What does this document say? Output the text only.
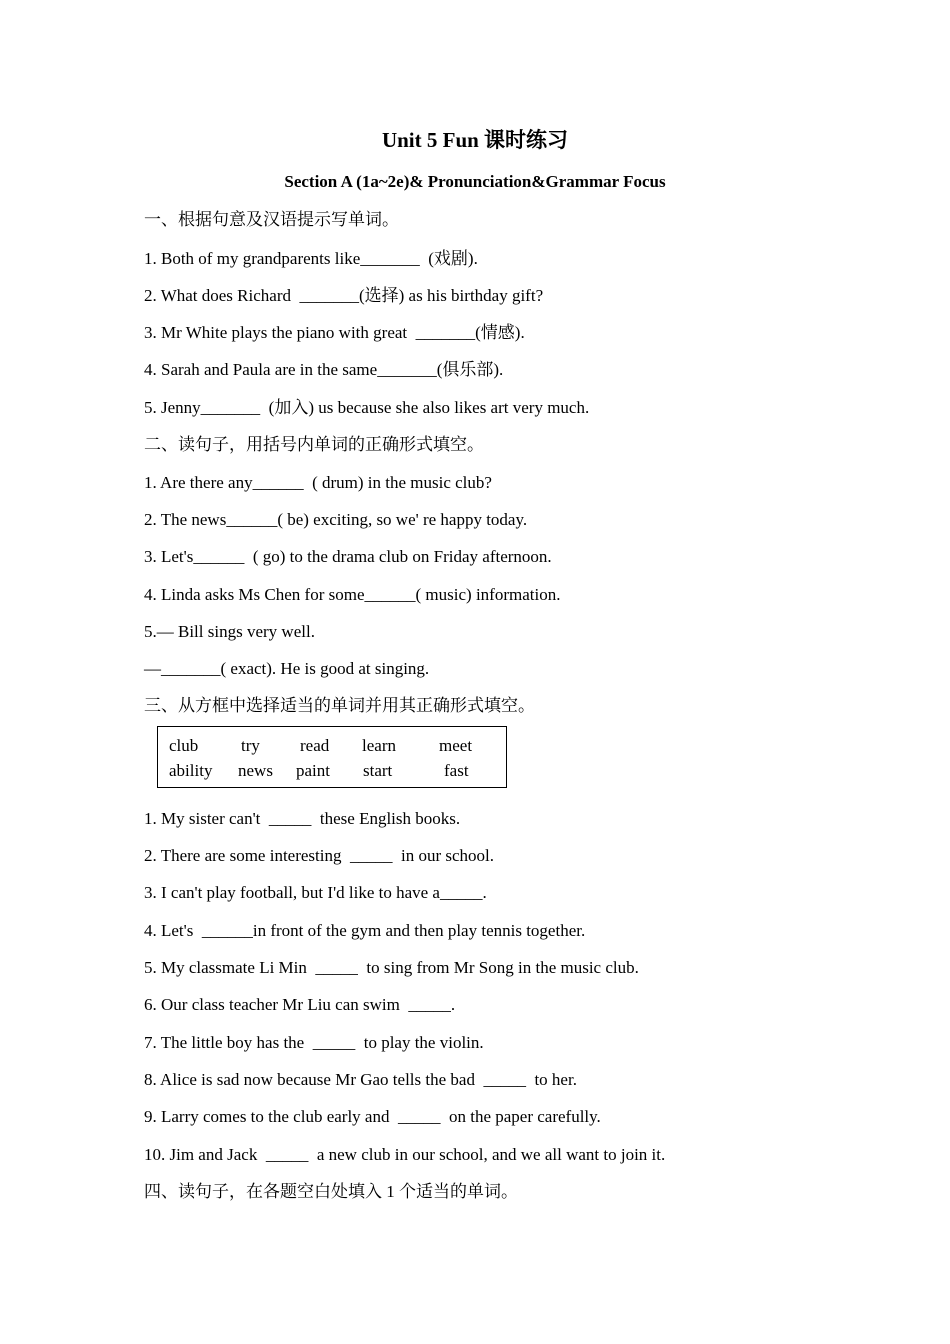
Unit 5 Fun 课时练习
Section A (1a~2e)& Pronunciation&Grammar Focus
一、根据句意及汉语提示写单词。
1. Both of my grandparents like_______  (戏剧).
2. What does Richard  _______(选择) as his birthday gift?
3. Mr White plays the piano with great  _______(情感).
4. Sarah and Paula are in the same_______(俱乐部).
5. Jenny_______  (加入) us because she also likes art very much.
二、读句子，用括号内单词的正确形式填空。
1. Are there any______  ( drum) in the music club?
2. The news______( be) exciting, so we' re happy today.
3. Let's______  ( go) to the drama club on Friday afternoon.
4. Linda asks Ms Chen for some______( music) information.
5.— Bill sings very well.
—_______( exact). He is good at singing.
三、从方框中选择适当的单词并用其正确形式填空。
club	try read learn	meet
ability news paint start	fast
1. My sister can't  _____  these English books.
2. There are some interesting  _____  in our school.
3. I can't play football, but I'd like to have a_____.
4. Let's  ______in front of the gym and then play tennis together.
5. My classmate Li Min  _____  to sing from Mr Song in the music club.
6. Our class teacher Mr Liu can swim  _____.
7. The little boy has the  _____  to play the violin.
8. Alice is sad now because Mr Gao tells the bad  _____  to her.
9. Larry comes to the club early and  _____  on the paper carefully.
10. Jim and Jack  _____  a new club in our school, and we all want to join it.
四、读句子，在各题空白处填入 1 个适当的单词。
